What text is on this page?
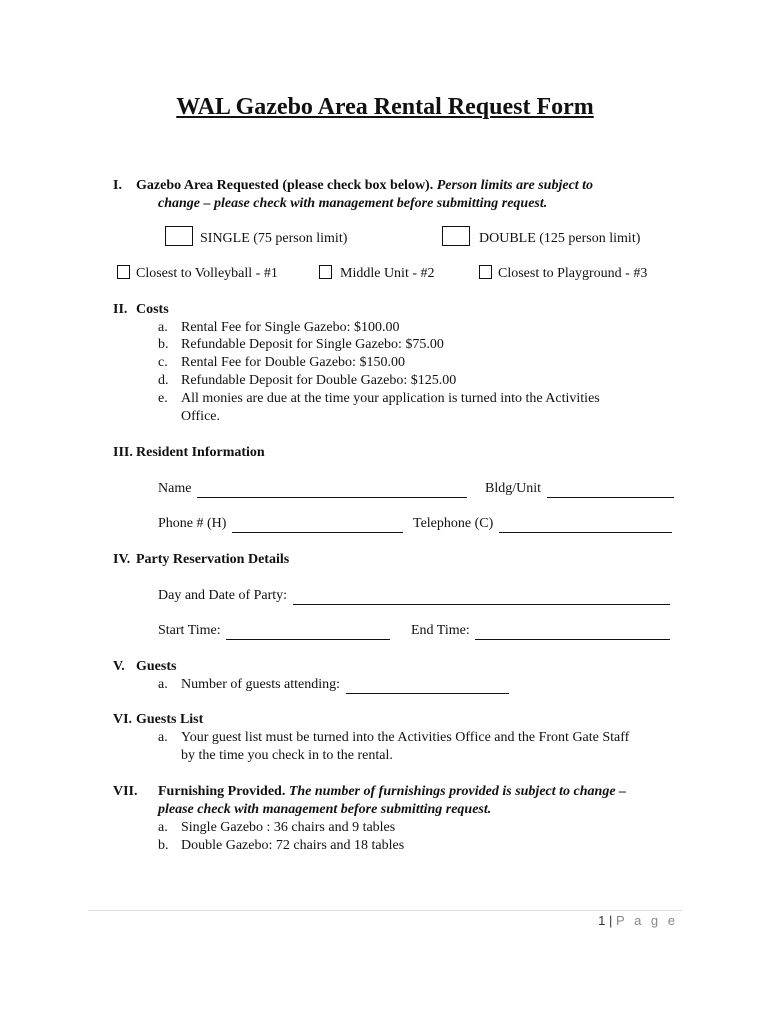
WAL Gazebo Area Rental Request Form
I. Gazebo Area Requested (please check box below). Person limits are subject to
change – please check with management before submitting request.
SINGLE (75 person limit)	DOUBLE (125 person limit)
Closest to Volleyball - #1	Middle Unit - #2	Closest to Playground - #3
II. Costs
a. Rental Fee for Single Gazebo: $100.00
b. Refundable Deposit for Single Gazebo: $75.00
c. Rental Fee for Double Gazebo: $150.00
d. Refundable Deposit for Double Gazebo: $125.00
e. All monies are due at the time your application is turned into the Activities
Office.
III. Resident Information
Name	Bldg/Unit
Phone # (H)	Telephone (C)
IV. Party Reservation Details
Day and Date of Party:
Start Time:	End Time:
V. Guests
a. Number of guests attending:
VI. Guests List
a. Your guest list must be turned into the Activities Office and the Front Gate Staff
by the time you check in to the rental.
VII. Furnishing Provided. The number of furnishings provided is subject to change –
please check with management before submitting request.
a. Single Gazebo : 36 chairs and 9 tables
b. Double Gazebo: 72 chairs and 18 tables
1 | P a g e
